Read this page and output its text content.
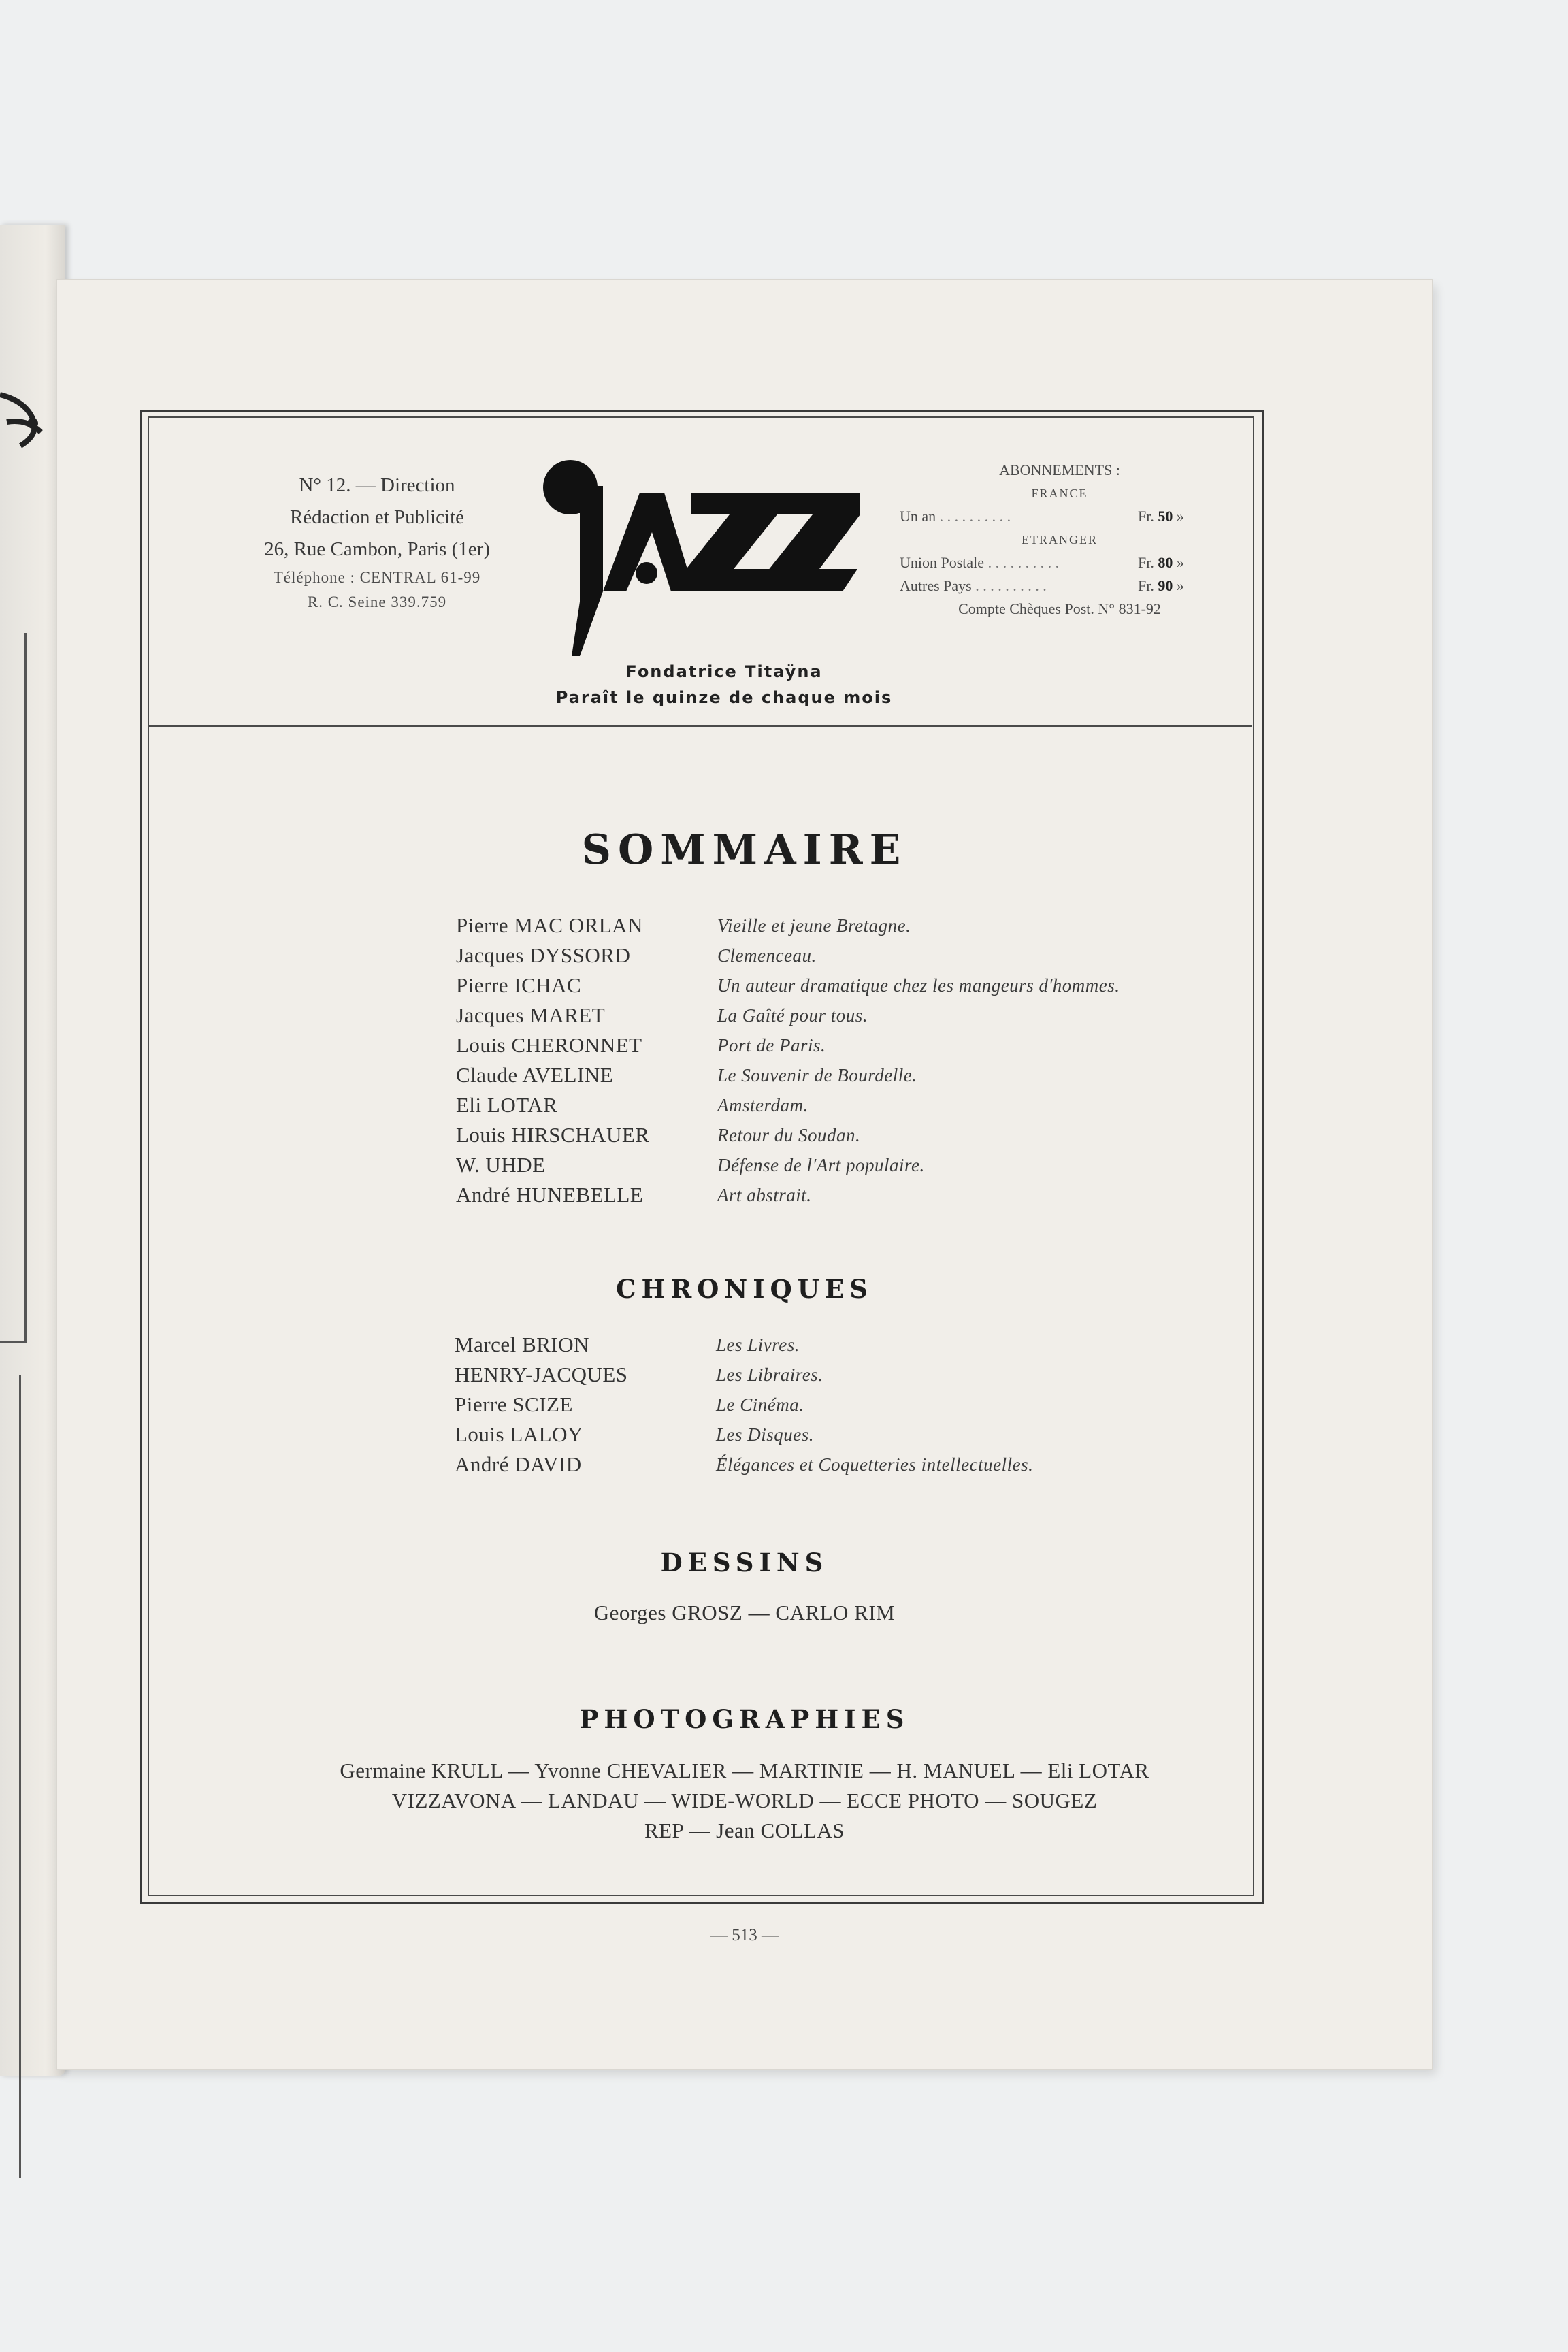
N° 12. — Direction
Rédaction et Publicité
26, Rue Cambon, Paris (1er)
Téléphone : CENTRAL 61-99
R. C. Seine 339.759
Fondatrice Titaÿna
Paraît le quinze de chaque mois
ABONNEMENTS :
FRANCE
Un an . . .	Fr. 50 »
ETRANGER
Union Postale . . .	Fr. 80 »
Autres Pays . . .	Fr. 90 »
Compte Chèques Post. N° 831-92
SOMMAIRE
Pierre MAC ORLAN	Vieille et jeune Bretagne.
Jacques DYSSORD	Clemenceau.
Pierre ICHAC	Un auteur dramatique chez les mangeurs d'hommes.
Jacques MARET	La Gaîté pour tous.
Louis CHERONNET	Port de Paris.
Claude AVELINE	Le Souvenir de Bourdelle.
Eli LOTAR	Amsterdam.
Louis HIRSCHAUER	Retour du Soudan.
W. UHDE	Défense de l'Art populaire.
André HUNEBELLE	Art abstrait.
CHRONIQUES
Marcel BRION	Les Livres.
HENRY-JACQUES	Les Libraires.
Pierre SCIZE	Le Cinéma.
Louis LALOY	Les Disques.
André DAVID	Élégances et Coquetteries intellectuelles.
DESSINS
Georges GROSZ — CARLO RIM
PHOTOGRAPHIES
Germaine KRULL — Yvonne CHEVALIER — MARTINIE — H. MANUEL — Eli LOTAR
VIZZAVONA — LANDAU — WIDE-WORLD — ECCE PHOTO — SOUGEZ
REP — Jean COLLAS
— 513 —
